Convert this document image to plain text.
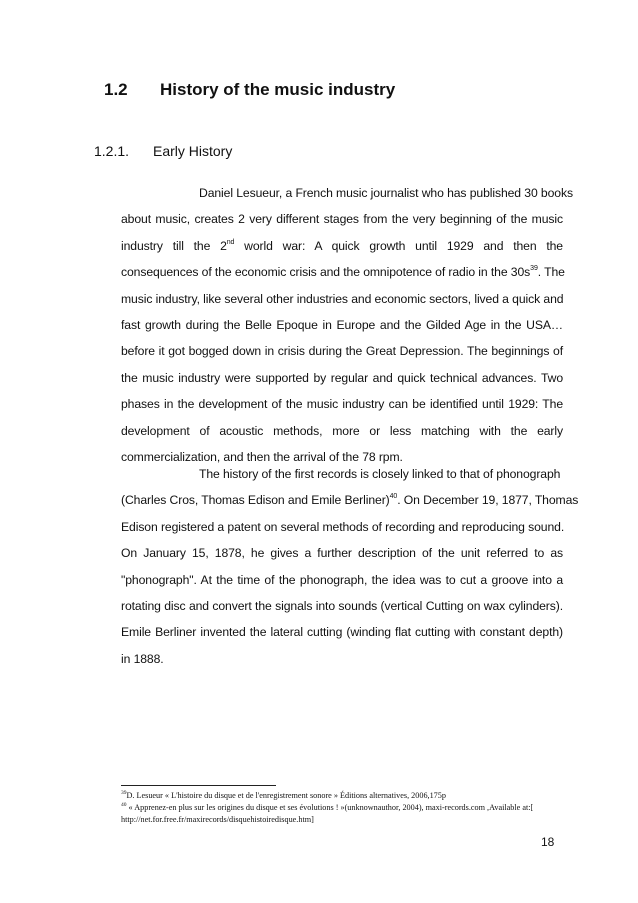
1.2 History of the music industry
1.2.1. Early History
Daniel Lesueur, a French music journalist who has published 30 books
about music, creates 2 very different stages from the very beginning of the music
industry till the 2nd world war: A quick growth until 1929 and then the
consequences of the economic crisis and the omnipotence of radio in the $30s^{39}$. The
music industry, like several other industries and economic sectors, lived a quick and
fast growth during the Belle Epoque in Europe and the Gilded Age in the USA…
before it got bogged down in crisis during the Great Depression. The beginnings of
the music industry were supported by regular and quick technical advances. Two
phases in the development of the music industry can be identified until 1929: The
development of acoustic methods, more or less matching with the early
commercialization, and then the arrival of the 78 rpm.
The history of the first records is closely linked to that of phonograph
(Charles Cros, Thomas Edison and Emile Berliner)$^{40}$. On December 19, 1877, Thomas
Edison registered a patent on several methods of recording and reproducing sound.
On January 15, 1878, he gives a further description of the unit referred to as
"phonograph". At the time of the phonograph, the idea was to cut a groove into a
rotating disc and convert the signals into sounds (vertical Cutting on wax cylinders).
Emile Berliner invented the lateral cutting (winding flat cutting with constant depth)
in 1888.
$^{39}$D. Lesueur « L'histoire du disque et de l'enregistrement sonore » Éditions alternatives, 2006,175p
$^{40}$ « Apprenez-en plus sur les origines du disque et ses évolutions ! »(unknownauthor, 2004), maxi-records.com ,Available at:[
http://net.for.free.fr/maxirecords/disquehistoiredisque.htm]
18
